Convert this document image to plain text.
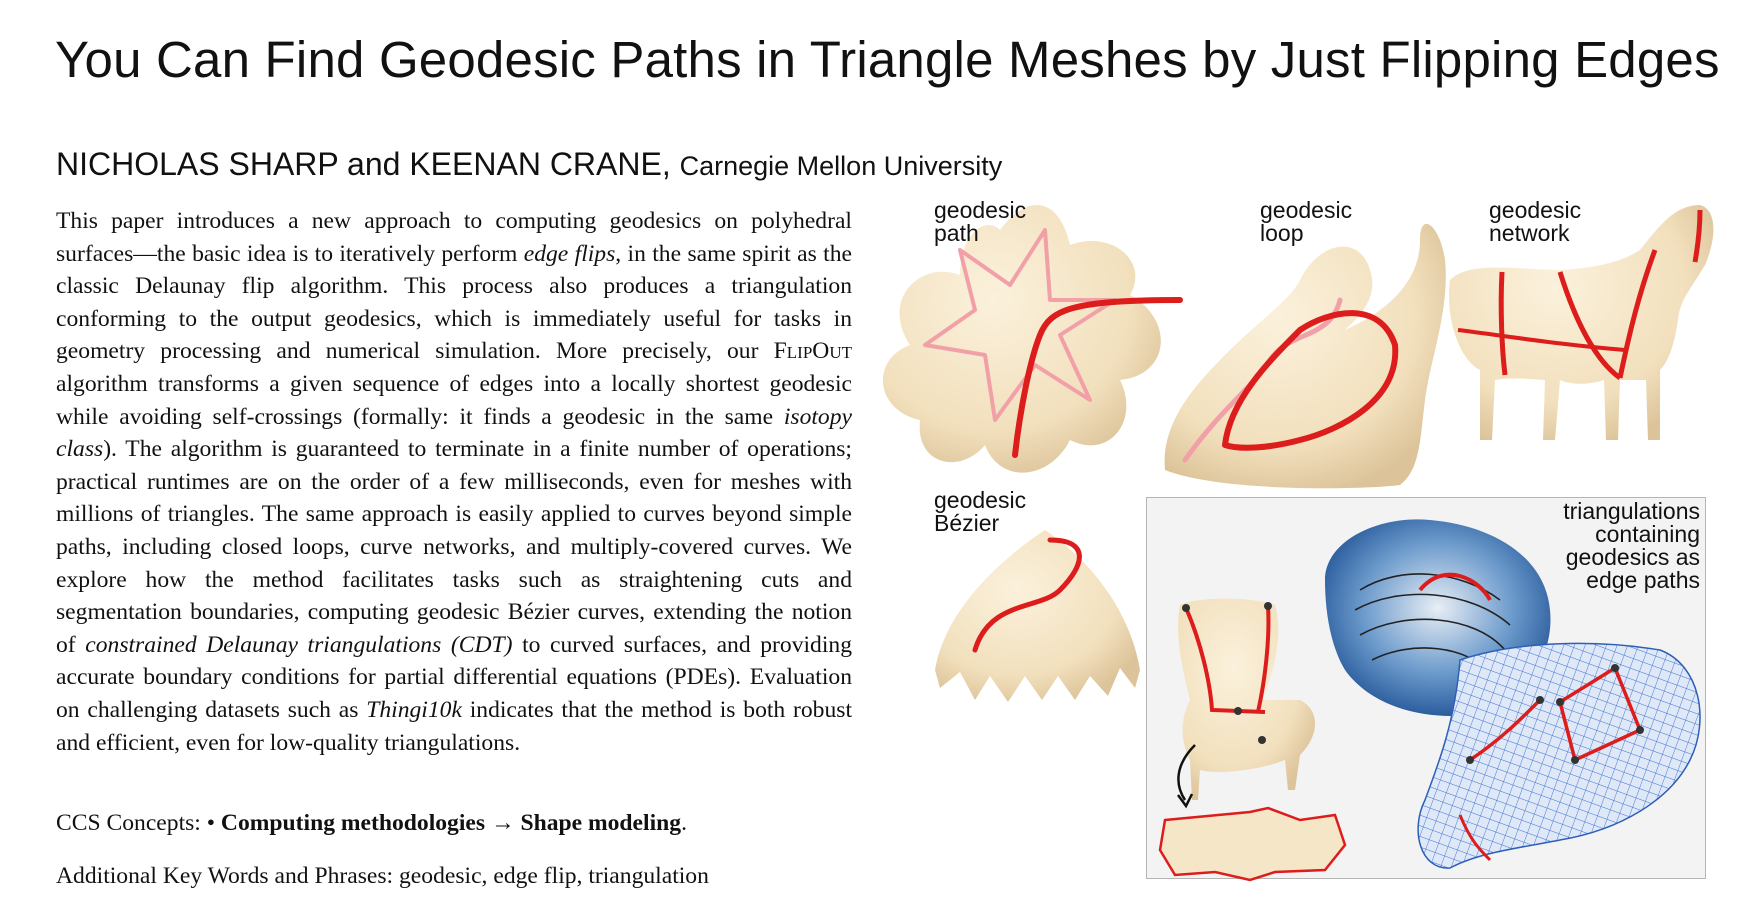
You Can Find Geodesic Paths in Triangle Meshes by Just Flipping Edges
NICHOLAS SHARP and KEENAN CRANE, Carnegie Mellon University
This paper introduces a new approach to computing geodesics on polyhedral surfaces—the basic idea is to iteratively perform edge flips, in the same spirit as the classic Delaunay flip algorithm. This process also produces a triangulation conforming to the output geodesics, which is immediately useful for tasks in geometry processing and numerical simulation. More precisely, our FlipOut algorithm transforms a given sequence of edges into a locally shortest geodesic while avoiding self-crossings (formally: it finds a geodesic in the same isotopy class). The algorithm is guaranteed to terminate in a finite number of operations; practical runtimes are on the order of a few milliseconds, even for meshes with millions of triangles. The same approach is easily applied to curves beyond simple paths, including closed loops, curve networks, and multiply-covered curves. We explore how the method facilitates tasks such as straightening cuts and segmentation boundaries, computing geodesic Bézier curves, extending the notion of constrained Delaunay triangulations (CDT) to curved surfaces, and providing accurate boundary conditions for partial differential equations (PDEs). Evaluation on challenging datasets such as Thingi10k indicates that the method is both robust and efficient, even for low-quality triangulations.
CCS Concepts: • Computing methodologies → Shape modeling.
Additional Key Words and Phrases: geodesic, edge flip, triangulation
geodesic
path
geodesic
loop
geodesic
network
geodesic
Bézier	triangulations
containing
geodesics as
edge paths
